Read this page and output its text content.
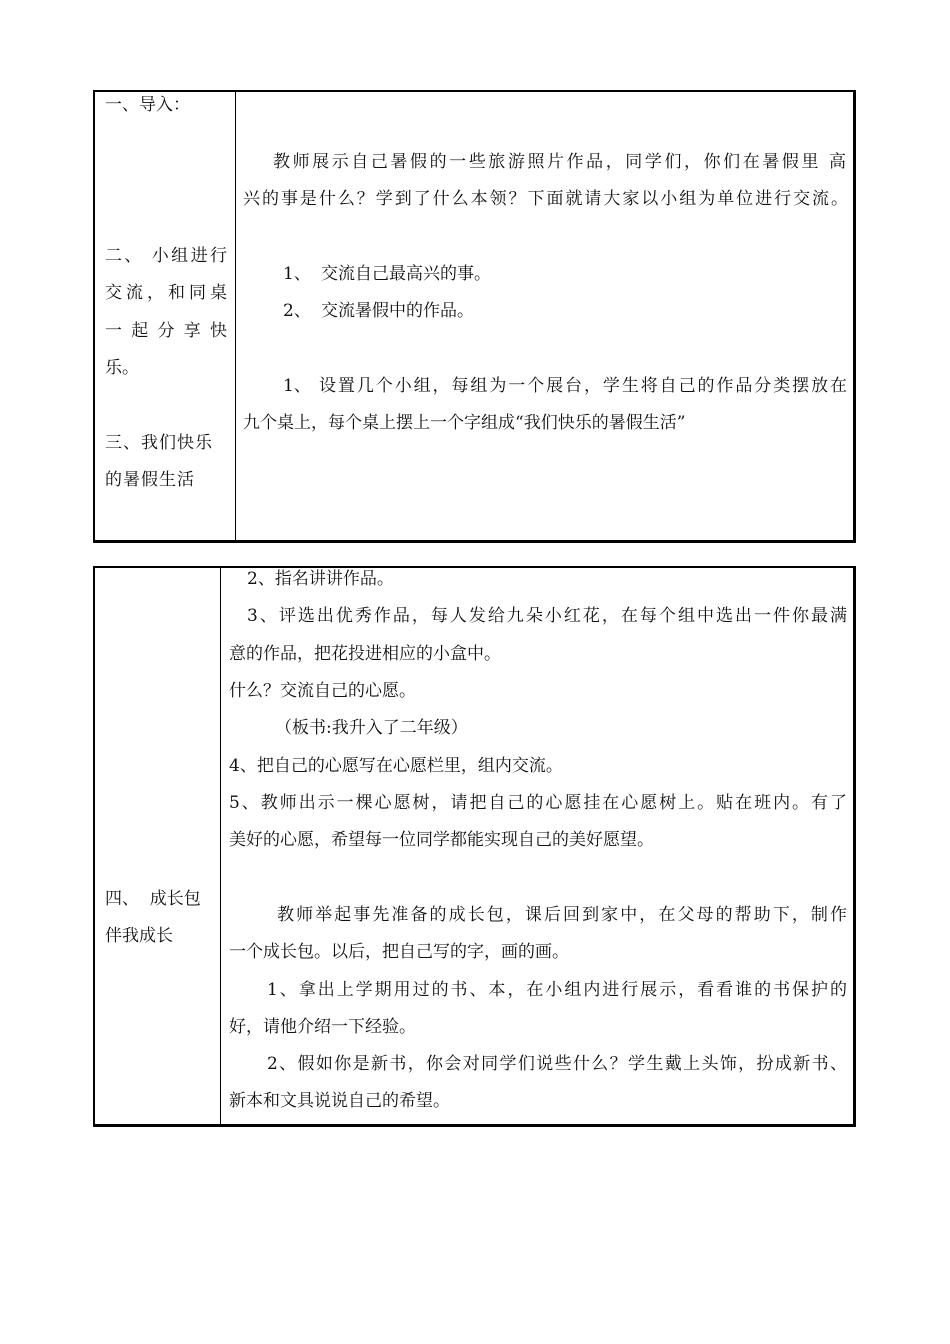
一、导入：
二、 小组进行
交流，和同桌
一 起 分 享 快
乐。
三、我们快乐
的暑假生活
教师展示自己暑假的一些旅游照片作品，同学们，你们在暑假里 高
兴的事是什么？学到了什么本领？下面就请大家以小组为单位进行交流。
1、 交流自己最高兴的事。
2、 交流暑假中的作品。
1、 设置几个小组，每组为一个展台，学生将自己的作品分类摆放在
九个桌上，每个桌上摆上一个字组成“我们快乐的暑假生活”
四、  成长包
伴我成长
2、指名讲讲作品。
3、评选出优秀作品，每人发给九朵小红花，在每个组中选出一件你最满
意的作品，把花投进相应的小盒中。
什么？交流自己的心愿。
（板书:我升入了二年级）
4、把自己的心愿写在心愿栏里，组内交流。
5、教师出示一棵心愿树，请把自己的心愿挂在心愿树上。贴在班内。有了
美好的心愿，希望每一位同学都能实现自己的美好愿望。
教师举起事先准备的成长包，课后回到家中，在父母的帮助下，制作
一个成长包。以后，把自己写的字，画的画。
1、拿出上学期用过的书、本，在小组内进行展示，看看谁的书保护的
好，请他介绍一下经验。
2、假如你是新书，你会对同学们说些什么？学生戴上头饰，扮成新书、
新本和文具说说自己的希望。
